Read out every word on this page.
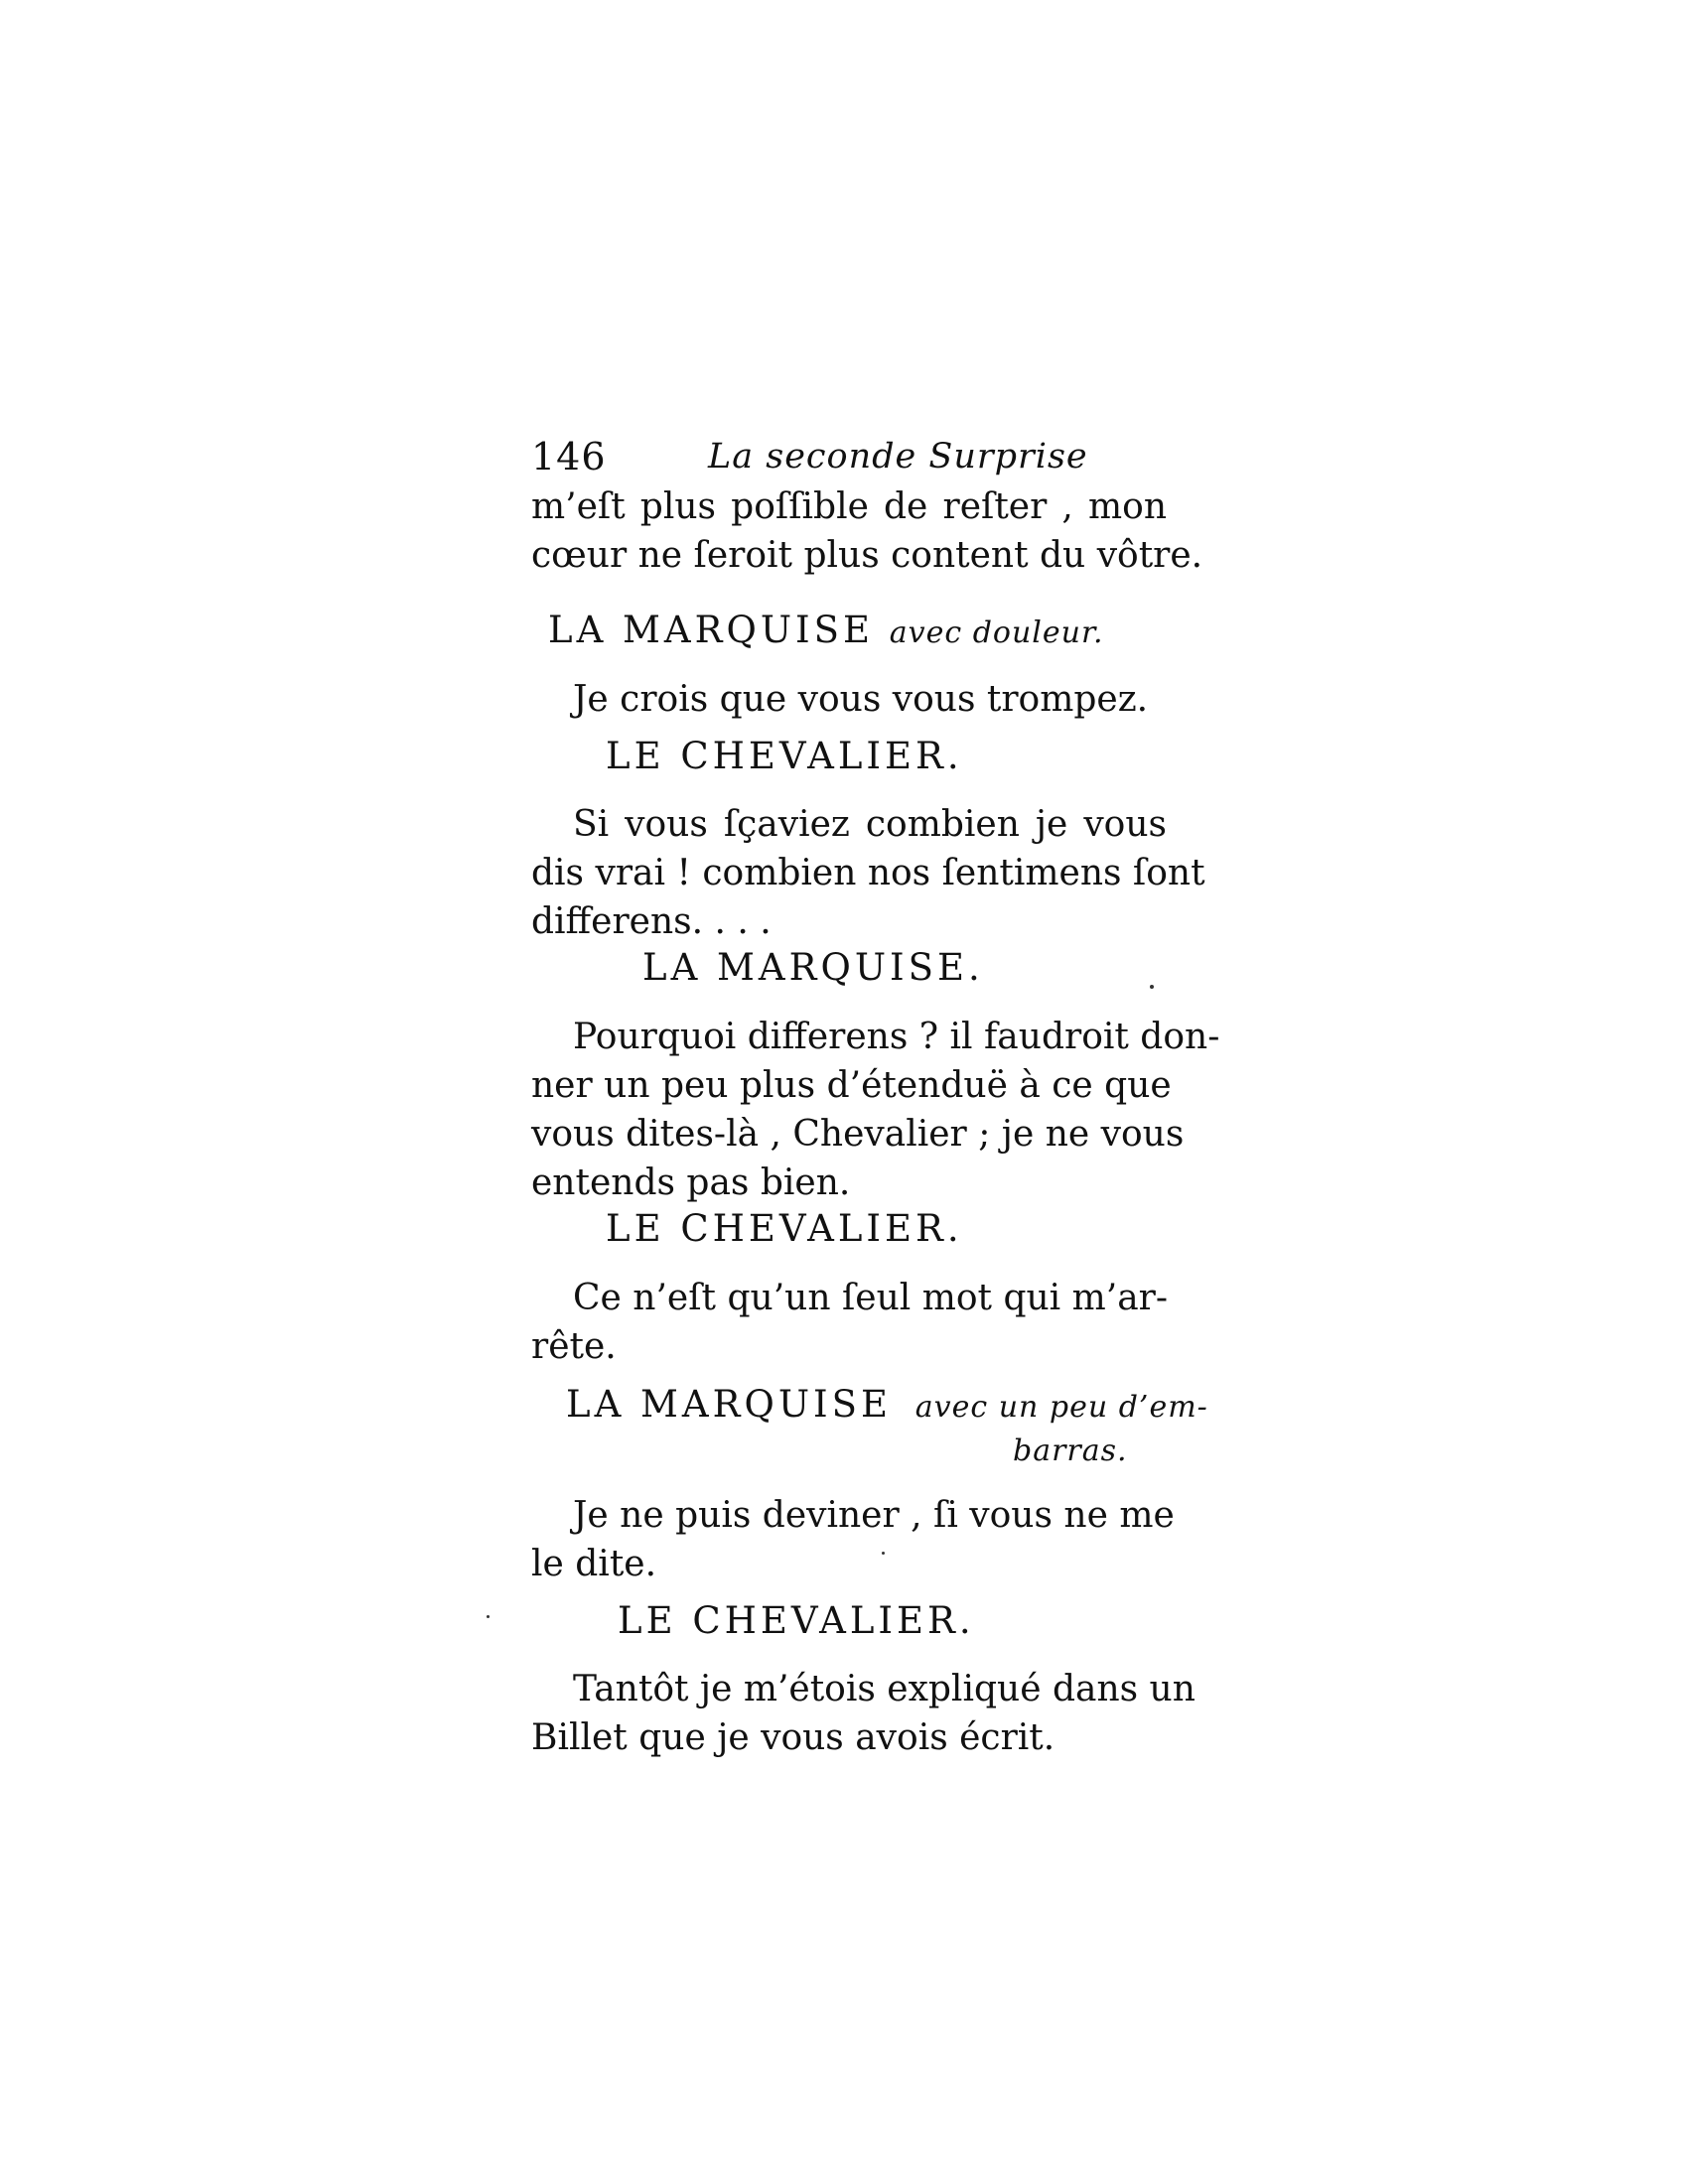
146	La seconde Surprise
m’eſt plus poſſible de reſter , mon
cœur ne ſeroit plus content du vôtre.
LA MARQUISE avec douleur.
Je crois que vous vous trompez.
LE CHEVALIER.
Si vous ſçaviez combien je vous
dis vrai ! combien nos ſentimens ſont
differens. . . .
LA MARQUISE.
Pourquoi differens ? il faudroit don-
ner un peu plus d’étenduë à ce que
vous dites-là , Chevalier ; je ne vous
entends pas bien.
LE CHEVALIER.
Ce n’eſt qu’un ſeul mot qui m’ar-
rête.
LA MARQUISE avec un peu d’em-
barras.
Je ne puis deviner , ſi vous ne me
le dite.
LE CHEVALIER.
Tantôt je m’étois expliqué dans un
Billet que je vous avois écrit.
